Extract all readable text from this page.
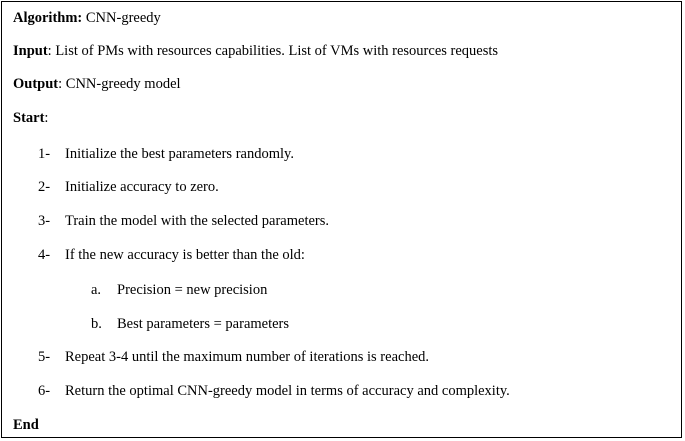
Algorithm: CNN-greedy
Input: List of PMs with resources capabilities. List of VMs with resources requests
Output: CNN-greedy model
Start:
1- Initialize the best parameters randomly.
2- Initialize accuracy to zero.
3- Train the model with the selected parameters.
4- If the new accuracy is better than the old:
a. Precision = new precision
b. Best parameters = parameters
5- Repeat 3-4 until the maximum number of iterations is reached.
6- Return the optimal CNN-greedy model in terms of accuracy and complexity.
End
